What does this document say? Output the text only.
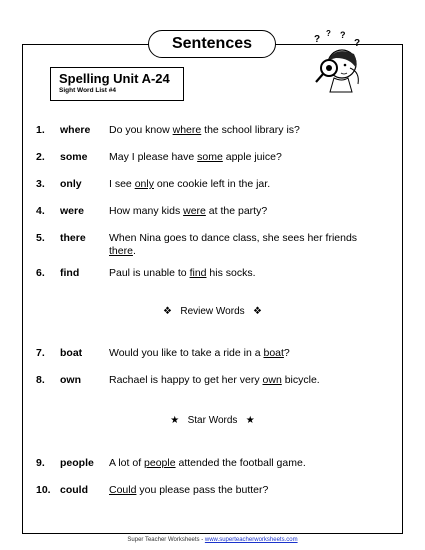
Sentences	?
? ?
?
Spelling Unit A-24
Sight Word List #4
1.	where	Do you know where the school library is?
2.	some	May I please have some apple juice?
3.	only	I see only one cookie left in the jar.
4.	were	How many kids were at the party?
5.	there	When Nina goes to dance class, she sees her friends there.
6.	find	Paul is unable to find his socks.
❖ Review Words ❖
7.	boat	Would you like to take a ride in a boat?
8.	own	Rachael is happy to get her very own bicycle.
★ Star Words ★
9.	people	A lot of people attended the football game.
10. could	Could you please pass the butter?
Super Teacher Worksheets - www.superteacherworksheets.com
